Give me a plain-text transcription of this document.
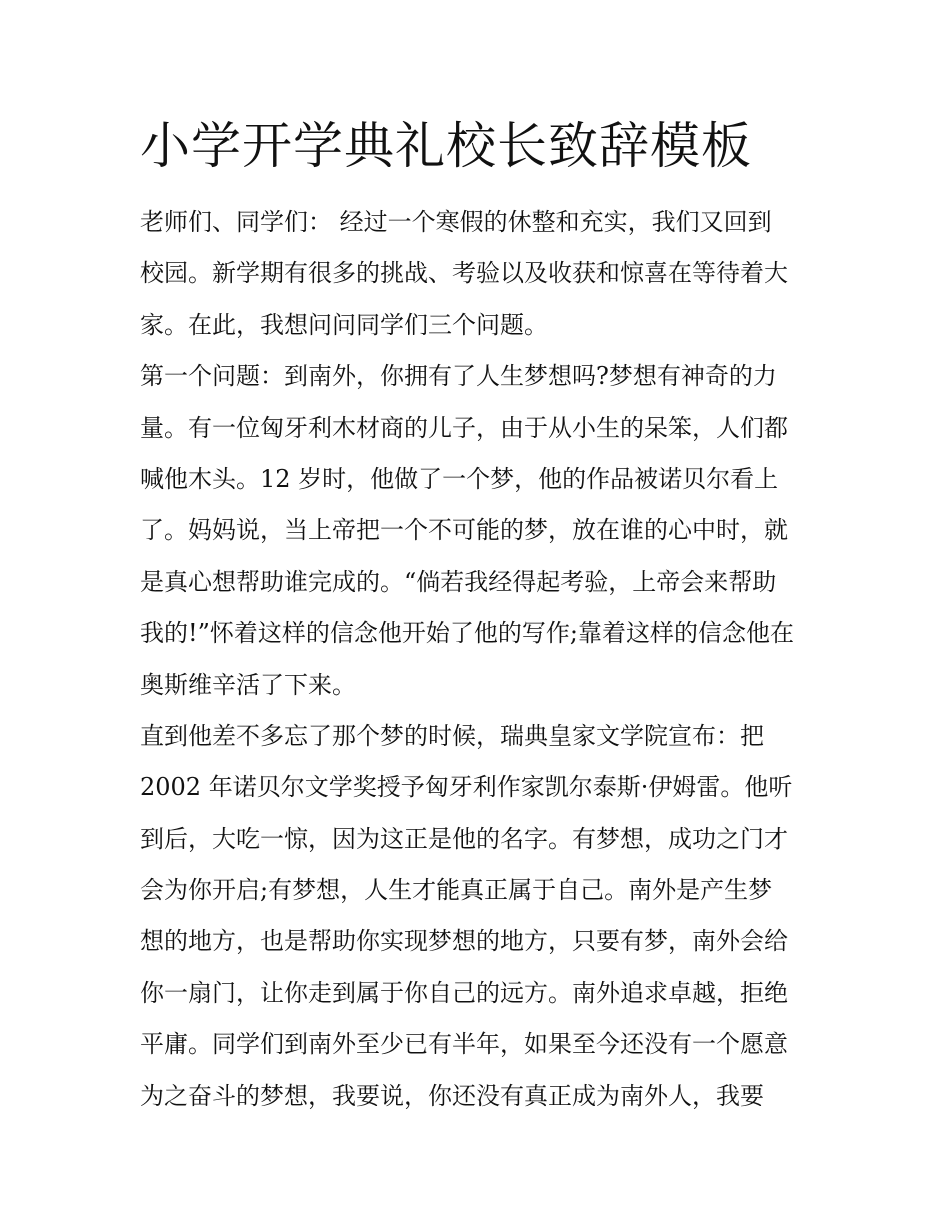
小学开学典礼校长致辞模板
老师们、同学们： 经过一个寒假的休整和充实，我们又回到
校园。新学期有很多的挑战、考验以及收获和惊喜在等待着大
家。在此，我想问问同学们三个问题。
第一个问题：到南外，你拥有了人生梦想吗?梦想有神奇的力
量。有一位匈牙利木材商的儿子，由于从小生的呆笨，人们都
喊他木头。12 岁时，他做了一个梦，他的作品被诺贝尔看上
了。妈妈说，当上帝把一个不可能的梦，放在谁的心中时，就
是真心想帮助谁完成的。“倘若我经得起考验，上帝会来帮助
我的!”怀着这样的信念他开始了他的写作;靠着这样的信念他在
奥斯维辛活了下来。
直到他差不多忘了那个梦的时候，瑞典皇家文学院宣布：把
2002 年诺贝尔文学奖授予匈牙利作家凯尔泰斯·伊姆雷。他听
到后，大吃一惊，因为这正是他的名字。有梦想，成功之门才
会为你开启;有梦想，人生才能真正属于自己。南外是产生梦
想的地方，也是帮助你实现梦想的地方，只要有梦，南外会给
你一扇门，让你走到属于你自己的远方。南外追求卓越，拒绝
平庸。同学们到南外至少已有半年，如果至今还没有一个愿意
为之奋斗的梦想，我要说，你还没有真正成为南外人，我要
